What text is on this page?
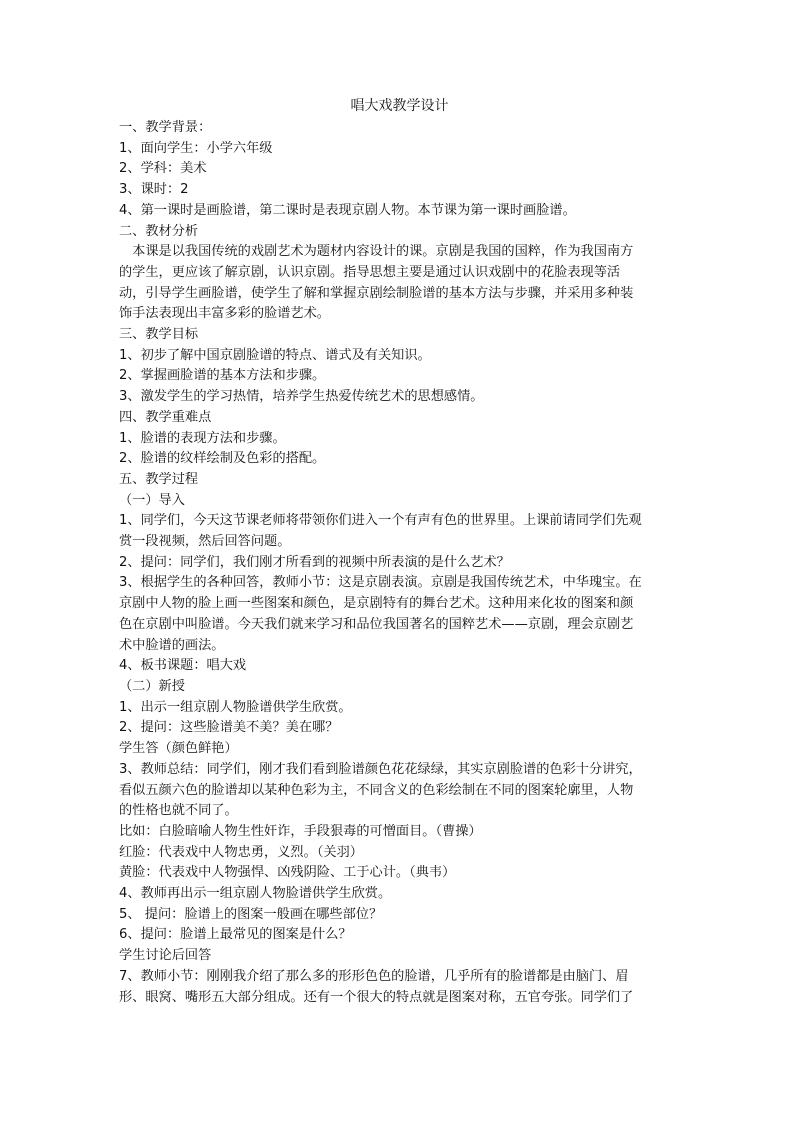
唱大戏教学设计

一、教学背景：

1、面向学生：小学六年级

2、学科：美术

3、课时：2

4、第一课时是画脸谱，第二课时是表现京剧人物。本节课为第一课时画脸谱。

二、教材分析

　本课是以我国传统的戏剧艺术为题材内容设计的课。京剧是我国的国粹，作为我国南方

的学生，更应该了解京剧，认识京剧。指导思想主要是通过认识戏剧中的花脸表现等活

动，引导学生画脸谱，使学生了解和掌握京剧绘制脸谱的基本方法与步骤，并采用多种装

饰手法表现出丰富多彩的脸谱艺术。

三、教学目标

1、初步了解中国京剧脸谱的特点、谱式及有关知识。

2、掌握画脸谱的基本方法和步骤。

3、激发学生的学习热情，培养学生热爱传统艺术的思想感情。

四、教学重难点

1、脸谱的表现方法和步骤。

2、脸谱的纹样绘制及色彩的搭配。

五、教学过程

（一）导入

1、同学们，今天这节课老师将带领你们进入一个有声有色的世界里。上课前请同学们先观

赏一段视频，然后回答问题。

2、提问：同学们，我们刚才所看到的视频中所表演的是什么艺术？

3、根据学生的各种回答，教师小节：这是京剧表演。京剧是我国传统艺术，中华瑰宝。在

京剧中人物的脸上画一些图案和颜色，是京剧特有的舞台艺术。这种用来化妆的图案和颜

色在京剧中叫脸谱。今天我们就来学习和品位我国著名的国粹艺术——京剧，理会京剧艺

术中脸谱的画法。

4、板书课题：唱大戏

（二）新授

1、出示一组京剧人物脸谱供学生欣赏。

2、提问：这些脸谱美不美？美在哪？

学生答（颜色鲜艳）

3、教师总结：同学们，刚才我们看到脸谱颜色花花绿绿，其实京剧脸谱的色彩十分讲究，

看似五颜六色的脸谱却以某种色彩为主，不同含义的色彩绘制在不同的图案轮廓里，人物

的性格也就不同了。

比如：白脸暗喻人物生性奸诈，手段狠毒的可憎面目。（曹操）

红脸：代表戏中人物忠勇，义烈。（关羽）

黄脸：代表戏中人物强悍、凶残阴险、工于心计。（典韦）

4、教师再出示一组京剧人物脸谱供学生欣赏。

5、 提问：脸谱上的图案一般画在哪些部位？

6、提问：脸谱上最常见的图案是什么？

学生讨论后回答

7、教师小节：刚刚我介绍了那么多的形形色色的脸谱，几乎所有的脸谱都是由脑门、眉

形、眼窝、嘴形五大部分组成。还有一个很大的特点就是图案对称，五官夸张。同学们了
